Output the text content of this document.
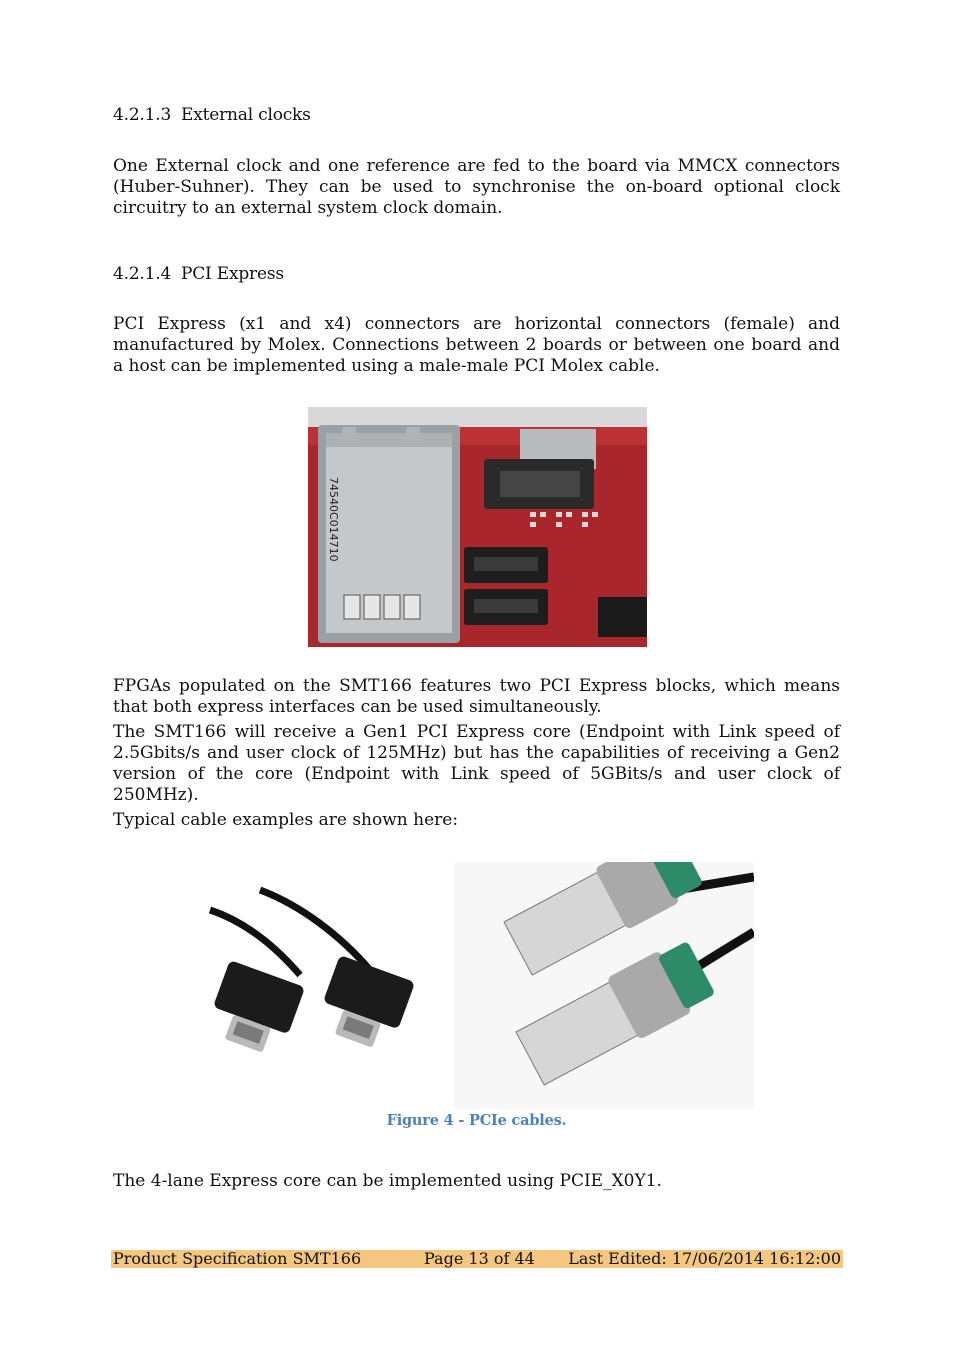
4.2.1.3 External clocks

One External clock and one reference are fed to the board via MMCX connectors (Huber-Suhner). They can be used to synchronise the on-board optional clock circuitry to an external system clock domain.

4.2.1.4 PCI Express

PCI Express (x1 and x4) connectors are horizontal connectors (female) and manufactured by Molex. Connections between 2 boards or between one board and a host can be implemented using a male-male PCI Molex cable.

74540C014710

FPGAs populated on the SMT166 features two PCI Express blocks, which means that both express interfaces can be used simultaneously.

The SMT166 will receive a Gen1 PCI Express core (Endpoint with Link speed of 2.5Gbits/s and user clock of 125MHz) but has the capabilities of receiving a Gen2 version of the core (Endpoint with Link speed of 5GBits/s and user clock of 250MHz).

Typical cable examples are shown here:

Figure 4 - PCIe cables.

The 4-lane Express core can be implemented using PCIE_X0Y1.

Product Specification SMT166	Page 13 of 44 Last Edited: 17/06/2014 16:12:00
